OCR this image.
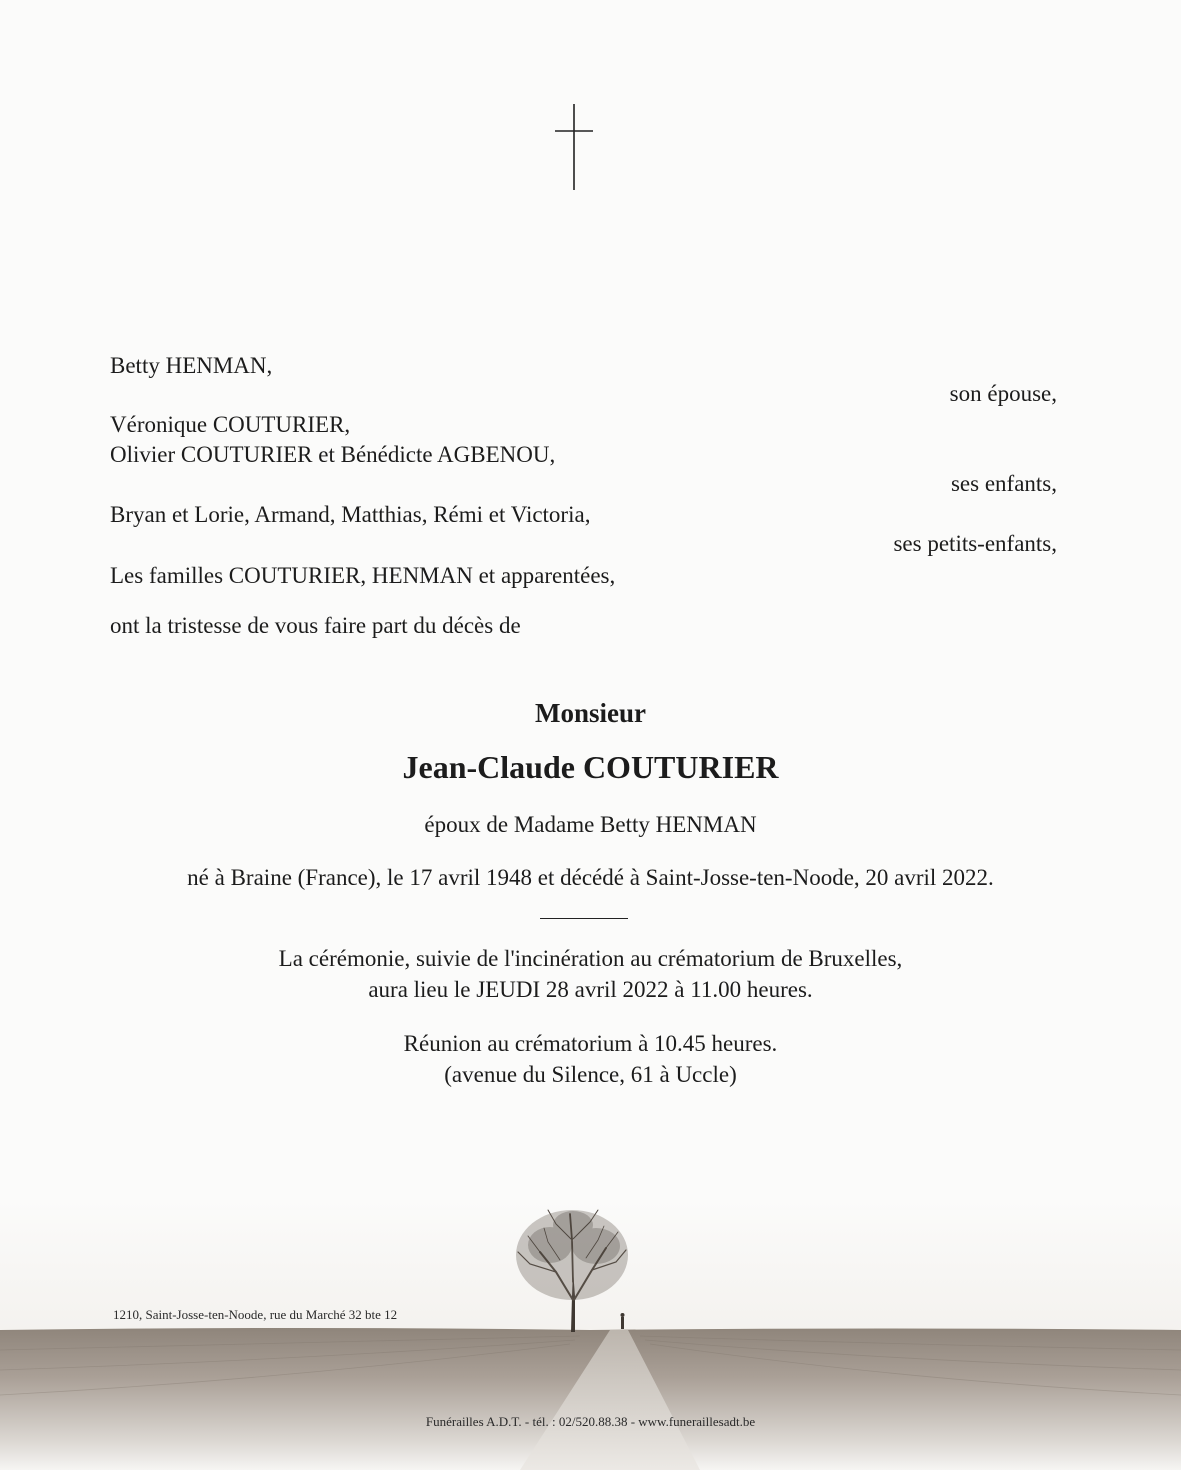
Betty HENMAN,
son épouse,
Véronique COUTURIER,
Olivier COUTURIER et Bénédicte AGBENOU,
ses enfants,
Bryan et Lorie, Armand, Matthias, Rémi et Victoria,
ses petits-enfants,
Les familles COUTURIER, HENMAN et apparentées,
ont la tristesse de vous faire part du décès de
Monsieur
Jean-Claude COUTURIER
époux de Madame Betty HENMAN
né à Braine (France), le 17 avril 1948 et décédé à Saint-Josse-ten-Noode, 20 avril 2022.
La cérémonie, suivie de l'incinération au crématorium de Bruxelles,
aura lieu le JEUDI 28 avril 2022 à 11.00 heures.
Réunion au crématorium à 10.45 heures.
(avenue du Silence, 61 à Uccle)
1210, Saint-Josse-ten-Noode, rue du Marché 32 bte 12
Funérailles A.D.T. - tél. : 02/520.88.38 - www.funeraillesadt.be
